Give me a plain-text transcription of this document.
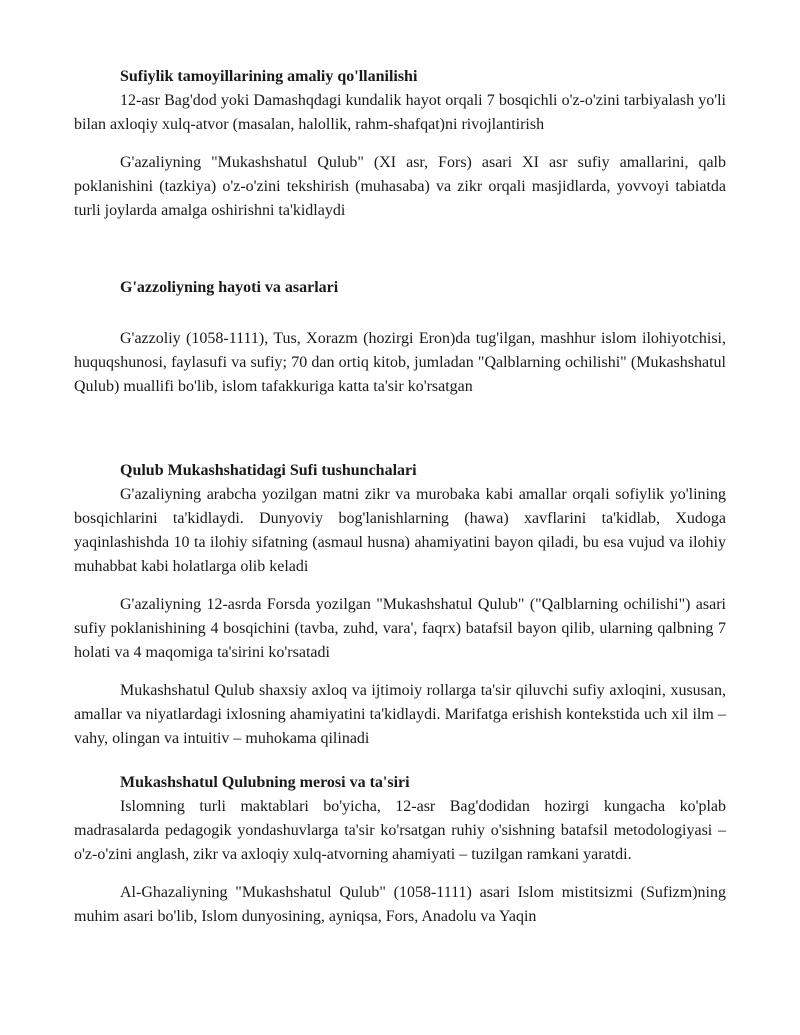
Sufiylik tamoyillarining amaliy qo'llanilishi

12-asr Bag'dod yoki Damashqdagi kundalik hayot orqali 7 bosqichli o'z-o'zini tarbiyalash yo'li bilan axloqiy xulq-atvor (masalan, halollik, rahm-shafqat)ni rivojlantirish

G'azaliyning "Mukashshatul Qulub" (XI asr, Fors) asari XI asr sufiy amallarini, qalb poklanishini (tazkiya) o'z-o'zini tekshirish (muhasaba) va zikr orqali masjidlarda, yovvoyi tabiatda turli joylarda amalga oshirishni ta'kidlaydi

G'azzoliyning hayoti va asarlari

G'azzoliy (1058-1111), Tus, Xorazm (hozirgi Eron)da tug'ilgan, mashhur islom ilohiyotchisi, huquqshunosi, faylasufi va sufiy; 70 dan ortiq kitob, jumladan "Qalblarning ochilishi" (Mukashshatul Qulub) muallifi bo'lib, islom tafakkuriga katta ta'sir ko'rsatgan

Qulub Mukashshatidagi Sufi tushunchalari

G'azaliyning arabcha yozilgan matni zikr va murobaka kabi amallar orqali sofiylik yo'lining bosqichlarini ta'kidlaydi. Dunyoviy bog'lanishlarning (hawa) xavflarini ta'kidlab, Xudoga yaqinlashishda 10 ta ilohiy sifatning (asmaul husna) ahamiyatini bayon qiladi, bu esa vujud va ilohiy muhabbat kabi holatlarga olib keladi

G'azaliyning 12-asrda Forsda yozilgan "Mukashshatul Qulub" ("Qalblarning ochilishi") asari sufiy poklanishining 4 bosqichini (tavba, zuhd, vara', faqrx) batafsil bayon qilib, ularning qalbning 7 holati va 4 maqomiga ta'sirini ko'rsatadi

Mukashshatul Qulub shaxsiy axloq va ijtimoiy rollarga ta'sir qiluvchi sufiy axloqini, xususan, amallar va niyatlardagi ixlosning ahamiyatini ta'kidlaydi. Marifatga erishish kontekstida uch xil ilm – vahy, olingan va intuitiv – muhokama qilinadi

Mukashshatul Qulubning merosi va ta'siri

Islomning turli maktablari bo'yicha, 12-asr Bag'dodidan hozirgi kungacha ko'plab madrasalarda pedagogik yondashuvlarga ta'sir ko'rsatgan ruhiy o'sishning batafsil metodologiyasi – o'z-o'zini anglash, zikr va axloqiy xulq-atvorning ahamiyati – tuzilgan ramkani yaratdi.

Al-Ghazaliyning "Mukashshatul Qulub" (1058-1111) asari Islom mistitsizmi (Sufizm)ning muhim asari bo'lib, Islom dunyosining, ayniqsa, Fors, Anadolu va Yaqin
